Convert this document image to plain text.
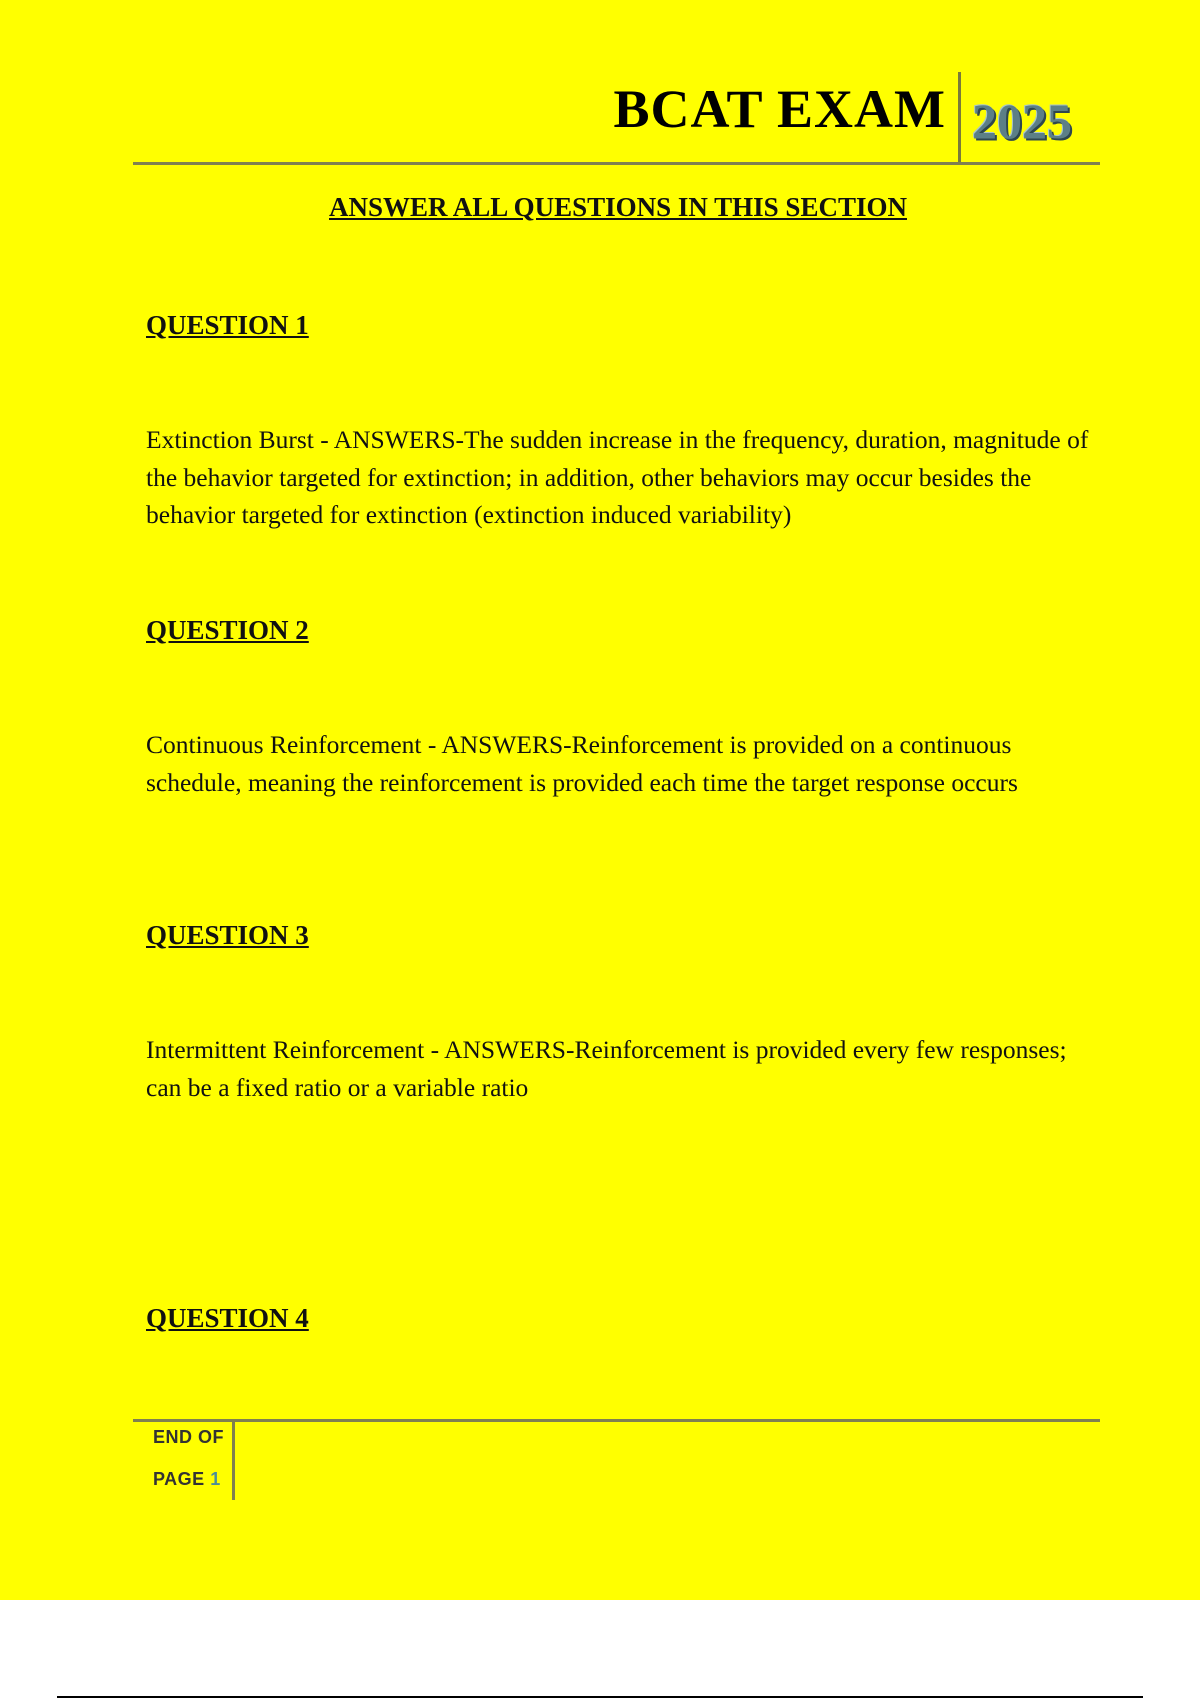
BCAT EXAM 2025
ANSWER ALL QUESTIONS IN THIS SECTION
QUESTION 1

Extinction Burst - ANSWERS-The sudden increase in the frequency, duration, magnitude of the behavior targeted for extinction; in addition, other behaviors may occur besides the behavior targeted for extinction (extinction induced variability)

QUESTION 2

Continuous Reinforcement - ANSWERS-Reinforcement is provided on a continuous schedule, meaning the reinforcement is provided each time the target response occurs

QUESTION 3

Intermittent Reinforcement - ANSWERS-Reinforcement is provided every few responses; can be a fixed ratio or a variable ratio

QUESTION 4
END OF
PAGE 1
